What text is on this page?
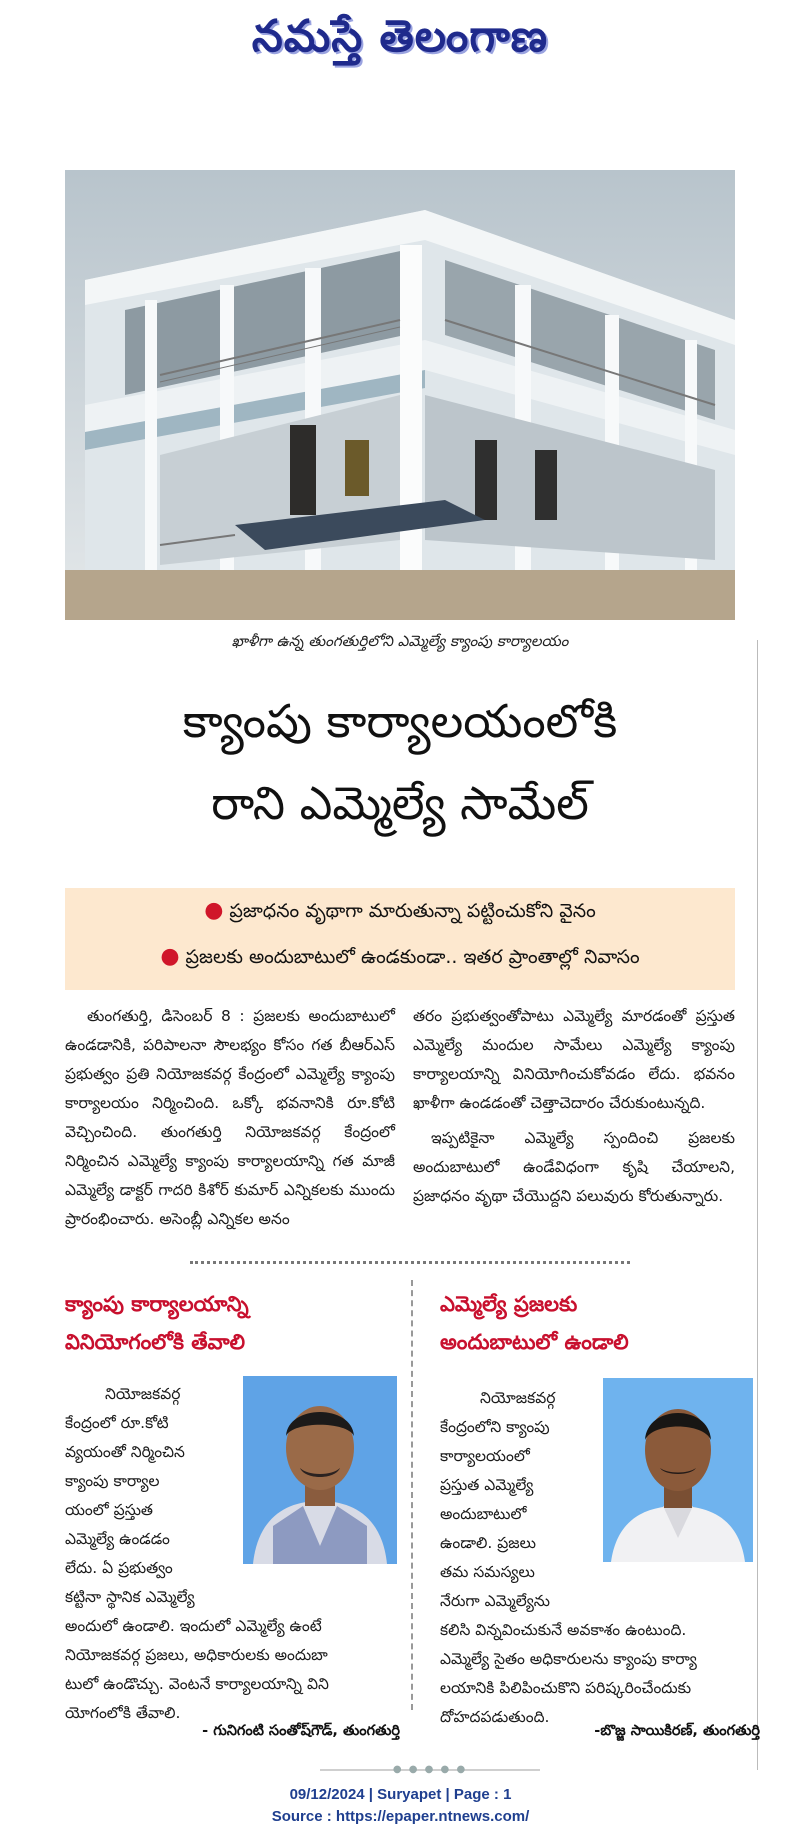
నమస్తే తెలంగాణ
ఖాళీగా ఉన్న తుంగతుర్తిలోని ఎమ్మెల్యే క్యాంపు కార్యాలయం
క్యాంపు కార్యాలయంలోకి
రాని ఎమ్మెల్యే సామేల్
● ప్రజాధనం వృథాగా మారుతున్నా పట్టించుకోని వైనం
● ప్రజలకు అందుబాటులో ఉండకుండా.. ఇతర ప్రాంతాల్లో నివాసం

తుంగతుర్తి, డిసెంబర్ 8 : ప్రజలకు అందుబాటులో ఉండడానికి, పరిపాలనా సౌలభ్యం కోసం గత బీఆర్ఎస్ ప్రభుత్వం ప్రతి నియోజకవర్గ కేంద్రంలో ఎమ్మెల్యే క్యాంపు కార్యాలయం నిర్మించింది. ఒక్కో భవనానికి రూ.కోటి వెచ్చించింది. తుంగతుర్తి నియోజకవర్గ కేంద్రంలో నిర్మించిన ఎమ్మెల్యే క్యాంపు కార్యాలయాన్ని గత మాజీ ఎమ్మెల్యే డాక్టర్ గాదరి కిశోర్ కుమార్ ఎన్నికలకు ముందు ప్రారంభించారు. అసెంబ్లీ ఎన్నికల అనం

తరం ప్రభుత్వంతోపాటు ఎమ్మెల్యే మారడంతో ప్రస్తుత ఎమ్మెల్యే మందుల సామేలు ఎమ్మెల్యే క్యాంపు కార్యాలయాన్ని వినియోగించుకోవడం లేదు. భవనం ఖాళీగా ఉండడంతో చెత్తాచెదారం చేరుకుంటున్నది.

ఇప్పటికైనా ఎమ్మెల్యే స్పందించి ప్రజలకు అందుబాటులో ఉండేవిధంగా కృషి చేయాలని, ప్రజాధనం వృథా చేయొద్దని పలువురు కోరుతున్నారు.

క్యాంపు కార్యాలయాన్ని
వినియోగంలోకి తేవాలి

నియోజకవర్గ

కేంద్రంలో రూ.కోటి

వ్యయంతో నిర్మించిన

క్యాంపు కార్యాల

యంలో ప్రస్తుత

ఎమ్మెల్యే ఉండడం

లేదు. ఏ ప్రభుత్వం

కట్టినా స్థానిక ఎమ్మెల్యే

అందులో ఉండాలి. ఇందులో ఎమ్మెల్యే ఉంటే

నియోజకవర్గ ప్రజలు, అధికారులకు అందుబా

టులో ఉండొచ్చు. వెంటనే కార్యాలయాన్ని విని

యోగంలోకి తేవాలి.

- గునిగంటి సంతోష్‌గౌడ్, తుంగతుర్తి
ఎమ్మెల్యే ప్రజలకు
అందుబాటులో ఉండాలి

నియోజకవర్గ

కేంద్రంలోని క్యాంపు

కార్యాలయంలో

ప్రస్తుత ఎమ్మెల్యే

అందుబాటులో

ఉండాలి. ప్రజలు

తమ సమస్యలు

నేరుగా ఎమ్మెల్యేను

కలిసి విన్నవించుకునే అవకాశం ఉంటుంది.

ఎమ్మెల్యే సైతం అధికారులను క్యాంపు కార్యా

లయానికి పిలిపించుకొని పరిష్కరించేందుకు

దోహదపడుతుంది.

-బొజ్జ సాయికిరణ్, తుంగతుర్తి
● ● ● ● ●
09/12/2024 | Suryapet | Page : 1
Source : https://epaper.ntnews.com/
